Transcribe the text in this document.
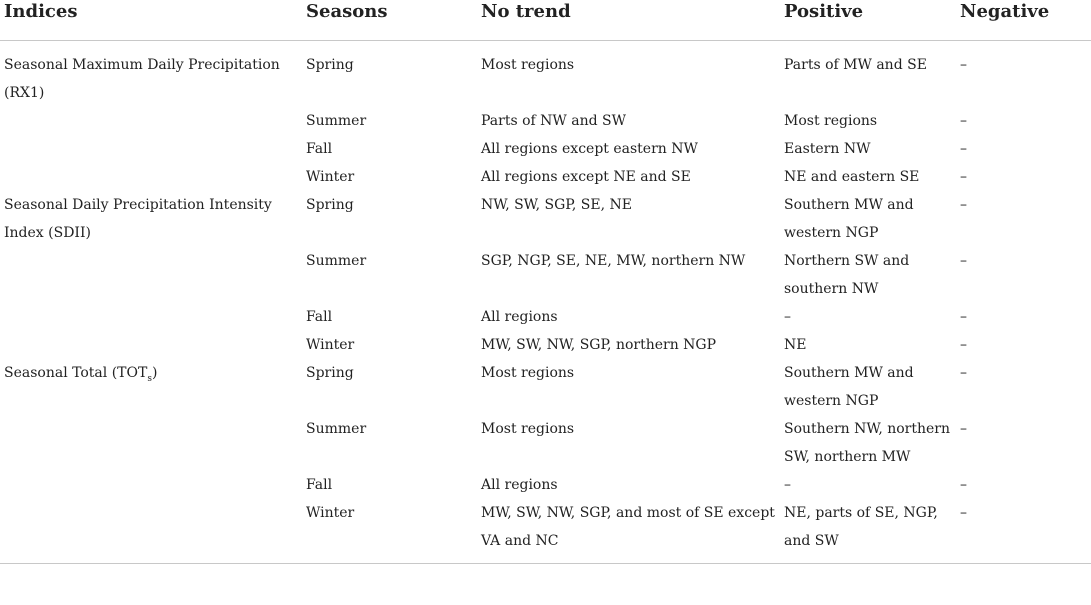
Indices	Seasons	No trend	Positive	Negative
Seasonal Maximum Daily Precipitation (RX1)	Spring	Most regions	Parts of MW and SE	–
	Summer	Parts of NW and SW	Most regions	–
	Fall	All regions except eastern NW	Eastern NW	–
	Winter	All regions except NE and SE	NE and eastern SE	–
Seasonal Daily Precipitation Intensity Index (SDII)	Spring	NW, SW, SGP, SE, NE	Southern MW and western NGP	–
	Summer	SGP, NGP, SE, NE, MW, northern NW	Northern SW and southern NW	–
	Fall	All regions	–	–
	Winter	MW, SW, NW, SGP, northern NGP	NE	–
Seasonal Total $(TOT_s)$	Spring	Most regions	Southern MW and western NGP	–
	Summer	Most regions	Southern NW, northern SW, northern MW	–
	Fall	All regions	–	–
	Winter	MW, SW, NW, SGP, and most of SE except VA and NC	NE, parts of SE, NGP, and SW	–
